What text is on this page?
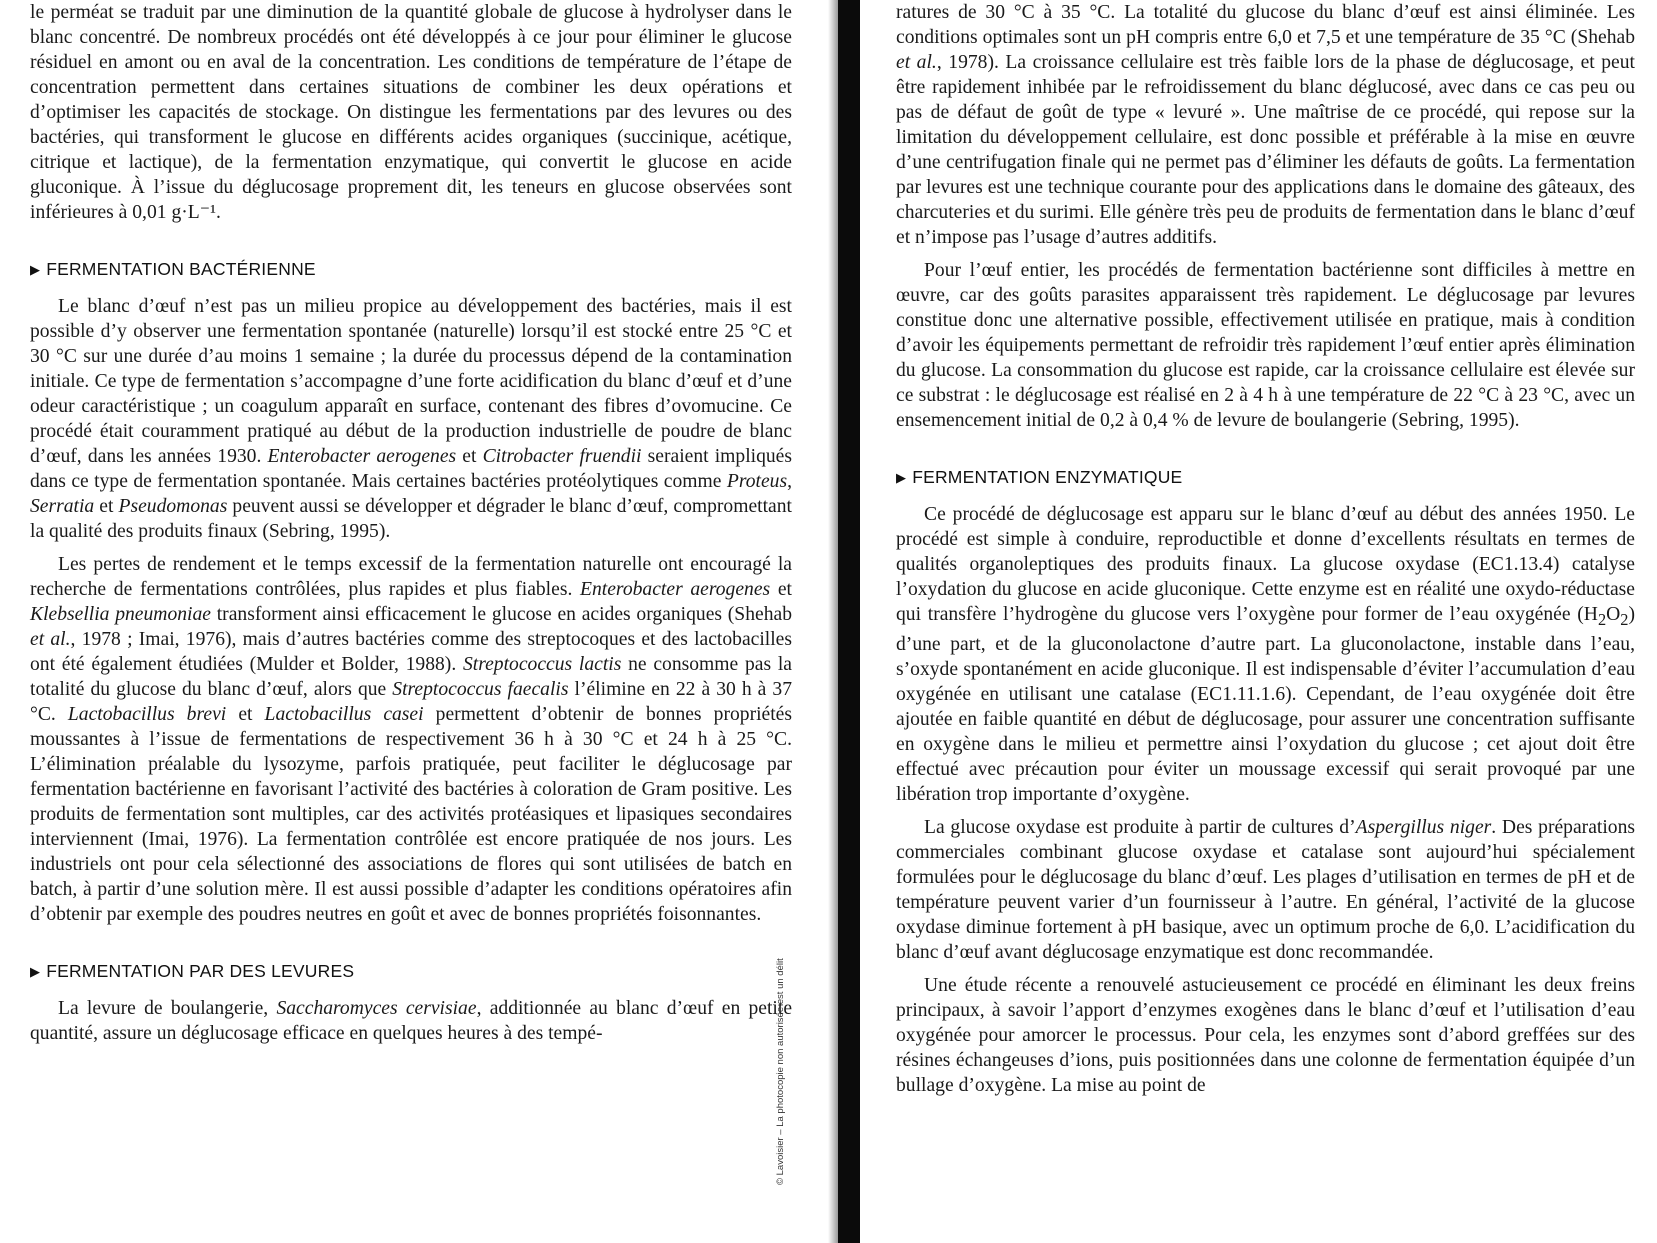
le perméat se traduit par une diminution de la quantité globale de glucose à hydrolyser dans le blanc concentré. De nombreux procédés ont été développés à ce jour pour éliminer le glucose résiduel en amont ou en aval de la concentration. Les conditions de température de l’étape de concentration permettent dans certaines situations de combiner les deux opérations et d’optimiser les capacités de stockage. On distingue les fermentations par des levures ou des bactéries, qui transforment le glucose en différents acides organiques (succinique, acétique, citrique et lactique), de la fermentation enzymatique, qui convertit le glucose en acide gluconique. À l’issue du déglucosage proprement dit, les teneurs en glucose observées sont inférieures à 0,01 g·L⁻¹.

▶ FERMENTATION BACTÉRIENNE

Le blanc d’œuf n’est pas un milieu propice au développement des bactéries, mais il est possible d’y observer une fermentation spontanée (naturelle) lorsqu’il est stocké entre 25 °C et 30 °C sur une durée d’au moins 1 semaine ; la durée du processus dépend de la contamination initiale. Ce type de fermentation s’accompagne d’une forte acidification du blanc d’œuf et d’une odeur caractéristique ; un coagulum apparaît en surface, contenant des fibres d’ovomucine. Ce procédé était couramment pratiqué au début de la production industrielle de poudre de blanc d’œuf, dans les années 1930. Enterobacter aerogenes et Citrobacter fruendii seraient impliqués dans ce type de fermentation spontanée. Mais certaines bactéries protéolytiques comme Proteus, Serratia et Pseudomonas peuvent aussi se développer et dégrader le blanc d’œuf, compromettant la qualité des produits finaux (Sebring, 1995).

Les pertes de rendement et le temps excessif de la fermentation naturelle ont encouragé la recherche de fermentations contrôlées, plus rapides et plus fiables. Enterobacter aerogenes et Klebsellia pneumoniae transforment ainsi efficacement le glucose en acides organiques (Shehab et al., 1978 ; Imai, 1976), mais d’autres bactéries comme des streptocoques et des lactobacilles ont été également étudiées (Mulder et Bolder, 1988). Streptococcus lactis ne consomme pas la totalité du glucose du blanc d’œuf, alors que Streptococcus faecalis l’élimine en 22 à 30 h à 37 °C. Lactobacillus brevi et Lactobacillus casei permettent d’obtenir de bonnes propriétés moussantes à l’issue de fermentations de respectivement 36 h à 30 °C et 24 h à 25 °C. L’élimination préalable du lysozyme, parfois pratiquée, peut faciliter le déglucosage par fermentation bactérienne en favorisant l’activité des bactéries à coloration de Gram positive. Les produits de fermentation sont multiples, car des activités protéasiques et lipasiques secondaires interviennent (Imai, 1976). La fermentation contrôlée est encore pratiquée de nos jours. Les industriels ont pour cela sélectionné des associations de flores qui sont utilisées de batch en batch, à partir d’une solution mère. Il est aussi possible d’adapter les conditions opératoires afin d’obtenir par exemple des poudres neutres en goût et avec de bonnes propriétés foisonnantes.

▶ FERMENTATION PAR DES LEVURES

La levure de boulangerie, Saccharomyces cervisiae, additionnée au blanc d’œuf en petite quantité, assure un déglucosage efficace en quelques heures à des tempé-	© Lavoisier – La photocopie non autorisée est un délit

ratures de 30 °C à 35 °C. La totalité du glucose du blanc d’œuf est ainsi éliminée. Les conditions optimales sont un pH compris entre 6,0 et 7,5 et une température de 35 °C (Shehab et al., 1978). La croissance cellulaire est très faible lors de la phase de déglucosage, et peut être rapidement inhibée par le refroidissement du blanc déglucosé, avec dans ce cas peu ou pas de défaut de goût de type « levuré ». Une maîtrise de ce procédé, qui repose sur la limitation du développement cellulaire, est donc possible et préférable à la mise en œuvre d’une centrifugation finale qui ne permet pas d’éliminer les défauts de goûts. La fermentation par levures est une technique courante pour des applications dans le domaine des gâteaux, des charcuteries et du surimi. Elle génère très peu de produits de fermentation dans le blanc d’œuf et n’impose pas l’usage d’autres additifs.

Pour l’œuf entier, les procédés de fermentation bactérienne sont difficiles à mettre en œuvre, car des goûts parasites apparaissent très rapidement. Le déglucosage par levures constitue donc une alternative possible, effectivement utilisée en pratique, mais à condition d’avoir les équipements permettant de refroidir très rapidement l’œuf entier après élimination du glucose. La consommation du glucose est rapide, car la croissance cellulaire est élevée sur ce substrat : le déglucosage est réalisé en 2 à 4 h à une température de 22 °C à 23 °C, avec un ensemencement initial de 0,2 à 0,4 % de levure de boulangerie (Sebring, 1995).

▶ FERMENTATION ENZYMATIQUE

Ce procédé de déglucosage est apparu sur le blanc d’œuf au début des années 1950. Le procédé est simple à conduire, reproductible et donne d’excellents résultats en termes de qualités organoleptiques des produits finaux. La glucose oxydase (EC1.13.4) catalyse l’oxydation du glucose en acide gluconique. Cette enzyme est en réalité une oxydo-réductase qui transfère l’hydrogène du glucose vers l’oxygène pour former de l’eau oxygénée $(H_2O_2)$ d’une part, et de la gluconolactone d’autre part. La gluconolactone, instable dans l’eau, s’oxyde spontanément en acide gluconique. Il est indispensable d’éviter l’accumulation d’eau oxygénée en utilisant une catalase (EC1.11.1.6). Cependant, de l’eau oxygénée doit être ajoutée en faible quantité en début de déglucosage, pour assurer une concentration suffisante en oxygène dans le milieu et permettre ainsi l’oxydation du glucose ; cet ajout doit être effectué avec précaution pour éviter un moussage excessif qui serait provoqué par une libération trop importante d’oxygène.

La glucose oxydase est produite à partir de cultures d’Aspergillus niger. Des préparations commerciales combinant glucose oxydase et catalase sont aujourd’hui spécialement formulées pour le déglucosage du blanc d’œuf. Les plages d’utilisation en termes de pH et de température peuvent varier d’un fournisseur à l’autre. En général, l’activité de la glucose oxydase diminue fortement à pH basique, avec un optimum proche de 6,0. L’acidification du blanc d’œuf avant déglucosage enzymatique est donc recommandée.

Une étude récente a renouvelé astucieusement ce procédé en éliminant les deux freins principaux, à savoir l’apport d’enzymes exogènes dans le blanc d’œuf et l’utilisation d’eau oxygénée pour amorcer le processus. Pour cela, les enzymes sont d’abord greffées sur des résines échangeuses d’ions, puis positionnées dans une colonne de fermentation équipée d’un bullage d’oxygène. La mise au point de
